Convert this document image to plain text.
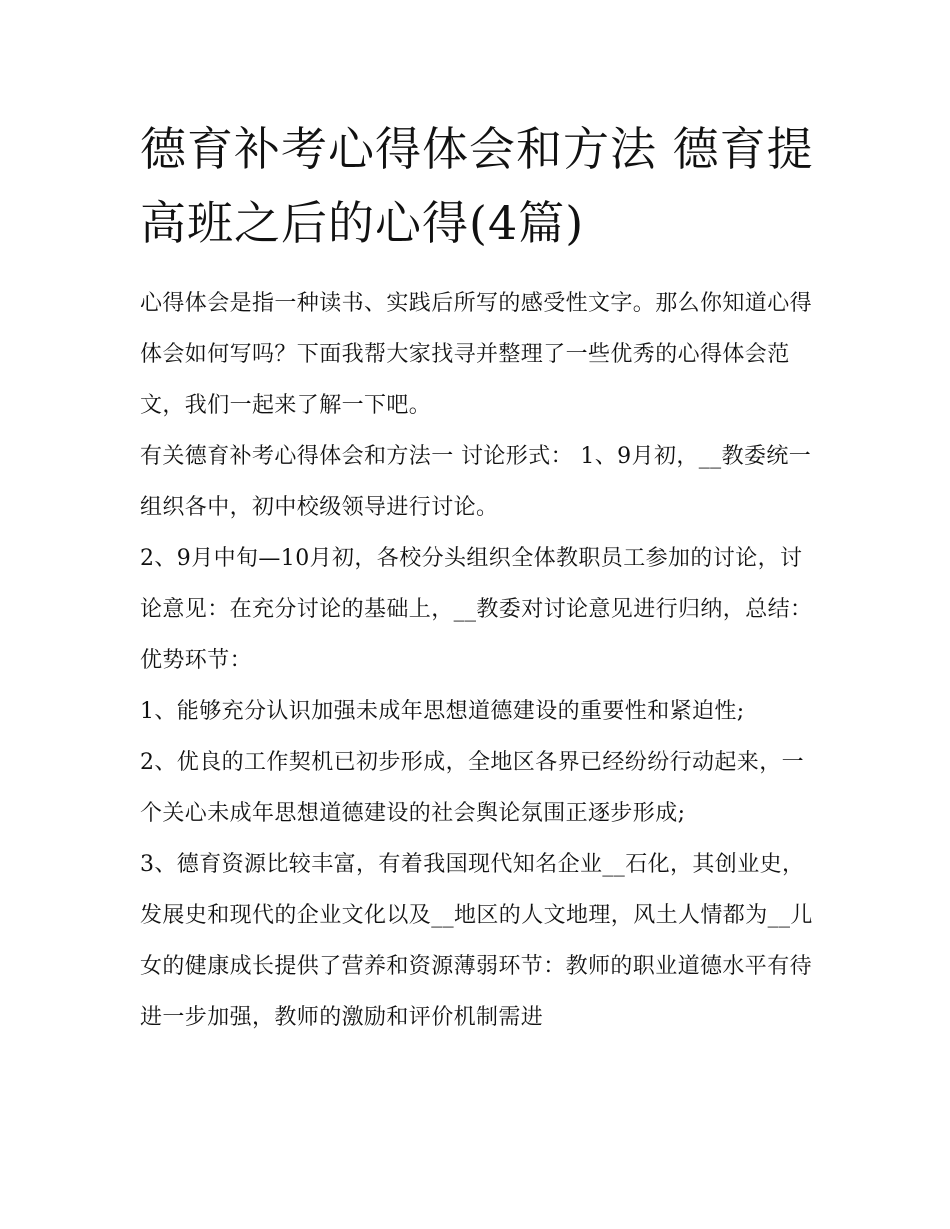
德育补考心得体会和方法 德育提高班之后的心得(4篇)

心得体会是指一种读书、实践后所写的感受性文字。那么你知道心得体会如何写吗？下面我帮大家找寻并整理了一些优秀的心得体会范文，我们一起来了解一下吧。

有关德育补考心得体会和方法一 讨论形式： 1、9月初，__教委统一组织各中，初中校级领导进行讨论。

2、9月中旬—10月初，各校分头组织全体教职员工参加的讨论，讨论意见：在充分讨论的基础上，__教委对讨论意见进行归纳，总结： 优势环节：

1、能够充分认识加强未成年思想道德建设的重要性和紧迫性;

2、优良的工作契机已初步形成，全地区各界已经纷纷行动起来，一个关心未成年思想道德建设的社会舆论氛围正逐步形成;

3、德育资源比较丰富，有着我国现代知名企业__石化，其创业史，发展史和现代的企业文化以及__地区的人文地理，风土人情都为__儿女的健康成长提供了营养和资源薄弱环节：教师的职业道德水平有待进一步加强，教师的激励和评价机制需进
